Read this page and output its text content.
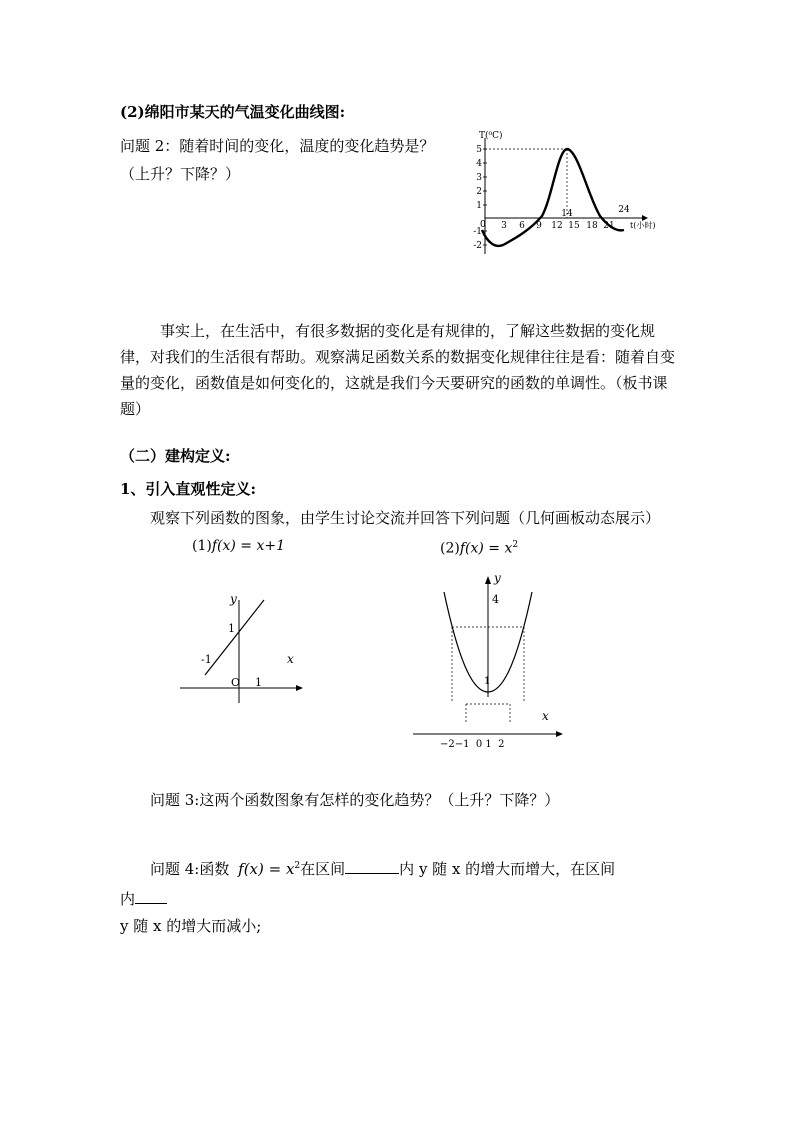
(2)绵阳市某天的气温变化曲线图:
问题 2：随着时间的变化，温度的变化趋势是？
（上升？下降？）
T(⁰C)
5
4
3
2
1
-1
-2
0 3 6 9 12 15 18 21 t(小时)
14	24
事实上，在生活中，有很多数据的变化是有规律的，了解这些数据的变化规律，对我们的生活很有帮助。观察满足函数关系的数据变化规律往往是看：随着自变量的变化，函数值是如何变化的，这就是我们今天要研究的函数的单调性。（板书课题）
（二）建构定义:
1、引入直观性定义:
观察下列函数的图象，由学生讨论交流并回答下列问题（几何画板动态展示）
(1)f(x) = x+1	$(2)f(x) = x^2$
y
x
1
-1
O 1
4
1
y
x
−2−1  0 1  2
问题 3:这两个函数图象有怎样的变化趋势？（上升？下降？）
问题 4:函数 $f(x) = x^2$在区间	内 y 随 x 的增大而增大，在区间
内
y 随 x 的增大而减小;
